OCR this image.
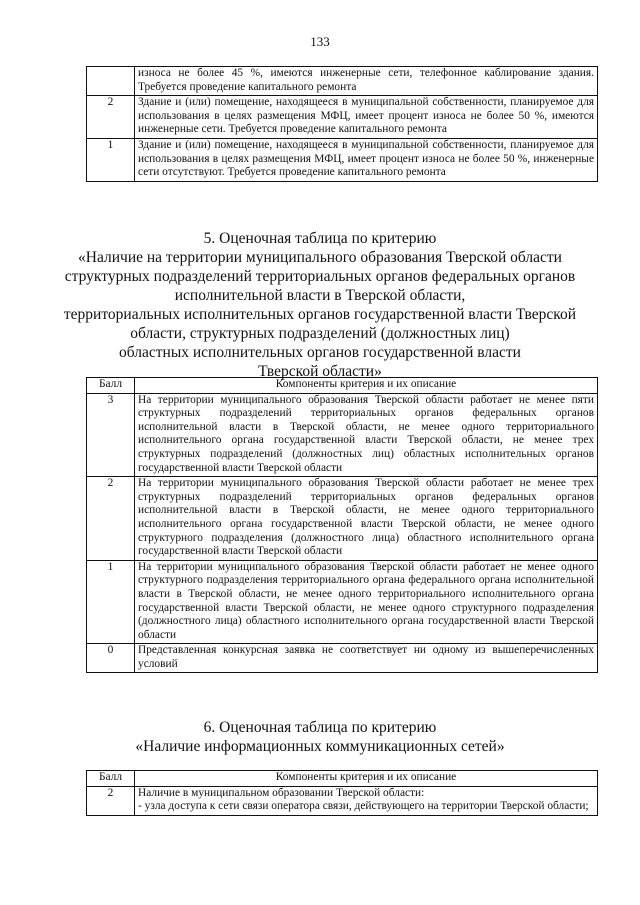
133
	износа не более 45 %, имеются инженерные сети, телефонное каблирование здания. Требуется проведение капитального ремонта
2	Здание и (или) помещение, находящееся в муниципальной собственности, планируемое для использования в целях размещения МФЦ, имеет процент износа не более 50 %, имеются инженерные сети. Требуется проведение капитального ремонта
1	Здание и (или) помещение, находящееся в муниципальной собственности, планируемое для использования в целях размещения МФЦ, имеет процент износа не более 50 %, инженерные сети отсутствуют. Требуется проведение капитального ремонта
5. Оценочная таблица по критерию
«Наличие на территории муниципального образования Тверской области
структурных подразделений территориальных органов федеральных органов
исполнительной власти в Тверской области,
территориальных исполнительных органов государственной власти Тверской
области, структурных подразделений (должностных лиц)
областных исполнительных органов государственной власти
Тверской области»
Балл	Компоненты критерия и их описание
3	На территории муниципального образования Тверской области работает не менее пяти структурных подразделений территориальных органов федеральных органов исполнительной власти в Тверской области, не менее одного территориального исполнительного органа государственной власти Тверской области, не менее трех структурных подразделений (должностных лиц) областных исполнительных органов государственной власти Тверской области
2	На территории муниципального образования Тверской области работает не менее трех структурных подразделений территориальных органов федеральных органов исполнительной власти в Тверской области, не менее одного территориального исполнительного органа государственной власти Тверской области, не менее одного структурного подразделения (должностного лица) областного исполнительного органа государственной власти Тверской области
1	На территории муниципального образования Тверской области работает не менее одного структурного подразделения территориального органа федерального органа исполнительной власти в Тверской области, не менее одного территориального исполнительного органа государственной власти Тверской области, не менее одного структурного подразделения (должностного лица) областного исполнительного органа государственной власти Тверской области
0	Представленная конкурсная заявка не соответствует ни одному из вышеперечисленных условий
6. Оценочная таблица по критерию
«Наличие информационных коммуникационных сетей»
Балл	Компоненты критерия и их описание
2	Наличие в муниципальном образовании Тверской области:
- узла доступа к сети связи оператора связи, действующего на территории Тверской области;
